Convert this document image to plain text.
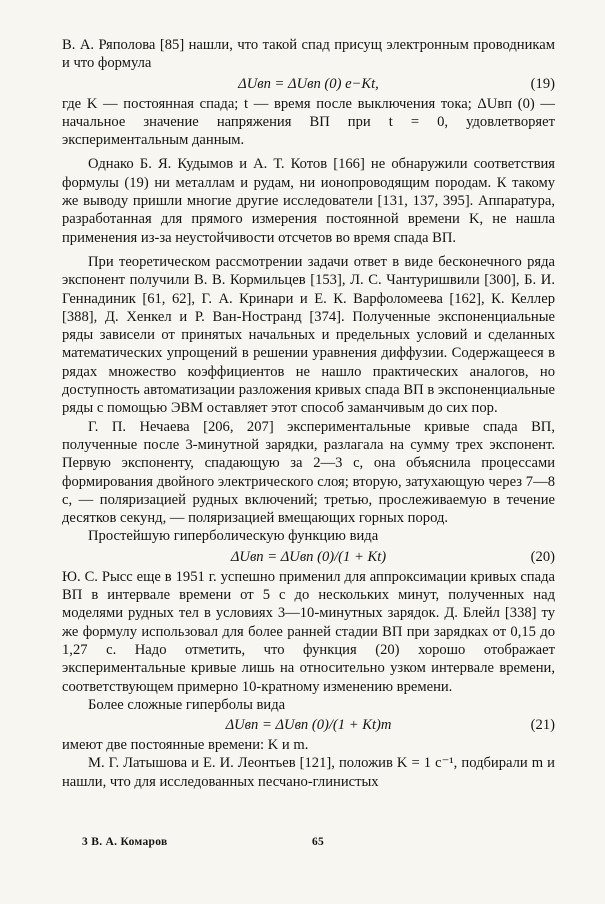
В. А. Ряполова [85] нашли, что такой спад присущ электронным проводникам и что формула

ΔUвп = ΔUвп (0) e−Kt,	(19)

где K — постоянная спада; t — время после выключения тока; ΔUвп (0) — начальное значение напряжения ВП при t = 0, удовлетворяет экспериментальным данным.

Однако Б. Я. Кудымов и А. Т. Котов [166] не обнаружили соответствия формулы (19) ни металлам и рудам, ни ионопроводящим породам. К такому же выводу пришли многие другие исследователи [131, 137, 395]. Аппаратура, разработанная для прямого измерения постоянной времени K, не нашла применения из-за неустойчивости отсчетов во время спада ВП.

При теоретическом рассмотрении задачи ответ в виде бесконечного ряда экспонент получили В. В. Кормильцев [153], Л. С. Чантуришвили [300], Б. И. Геннадиник [61, 62], Г. А. Кринари и Е. К. Варфоломеева [162], К. Келлер [388], Д. Хенкел и Р. Ван-Ностранд [374]. Полученные экспоненциальные ряды зависели от принятых начальных и предельных условий и сделанных математических упрощений в решении уравнения диффузии. Содержащееся в рядах множество коэффициентов не нашло практических аналогов, но доступность автоматизации разложения кривых спада ВП в экспоненциальные ряды с помощью ЭВМ оставляет этот способ заманчивым до сих пор.

Г. П. Нечаева [206, 207] экспериментальные кривые спада ВП, полученные после 3-минутной зарядки, разлагала на сумму трех экспонент. Первую экспоненту, спадающую за 2—3 с, она объяснила процессами формирования двойного электрического слоя; вторую, затухающую через 7—8 с, — поляризацией рудных включений; третью, прослеживаемую в течение десятков секунд, — поляризацией вмещающих горных пород.

Простейшую гиперболическую функцию вида

ΔUвп = ΔUвп (0)/(1 + Kt)	(20)

Ю. С. Рысс еще в 1951 г. успешно применил для аппроксимации кривых спада ВП в интервале времени от 5 с до нескольких минут, полученных над моделями рудных тел в условиях 3—10-минутных зарядок. Д. Блейл [338] ту же формулу использовал для более ранней стадии ВП при зарядках от 0,15 до 1,27 с. Надо отметить, что функция (20) хорошо отображает экспериментальные кривые лишь на относительно узком интервале времени, соответствующем примерно 10-кратному изменению времени.

Более сложные гиперболы вида

ΔUвп = ΔUвп (0)/(1 + Kt)m	(21)

имеют две постоянные времени: K и m.

М. Г. Латышова и Е. И. Леонтьев [121], положив K = 1 с⁻¹, подбирали m и нашли, что для исследованных песчано-глинистых

3 В. А. Комаров	65
